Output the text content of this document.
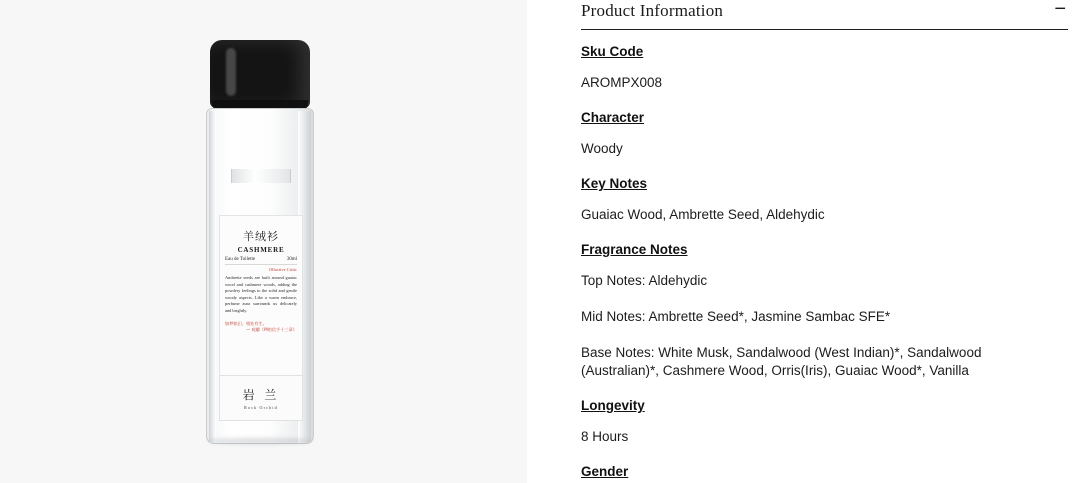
羊绒衫
CASHMERE
Eau de Toilette	30ml
Olfactive Critic
Ambrette seeds are built around guaiac wood and cashmere woods, adding the powdery feelings to the solid and gentle woody aspects. Like a warm embrace, perfume aura surrounds us delicately and brightly.
如梦如幻，相处有生。
— 观麝《M的信手十三章》
岩 兰
Rock Orchid
Product Information	−
Sku Code
AROMPX008
Character
Woody
Key Notes
Guaiac Wood, Ambrette Seed, Aldehydic
Fragrance Notes
Top Notes: Aldehydic
Mid Notes: Ambrette Seed*, Jasmine Sambac SFE*
Base Notes: White Musk, Sandalwood (West Indian)*, Sandalwood (Australian)*, Cashmere Wood, Orris(Iris), Guaiac Wood*, Vanilla
Longevity
8 Hours
Gender
